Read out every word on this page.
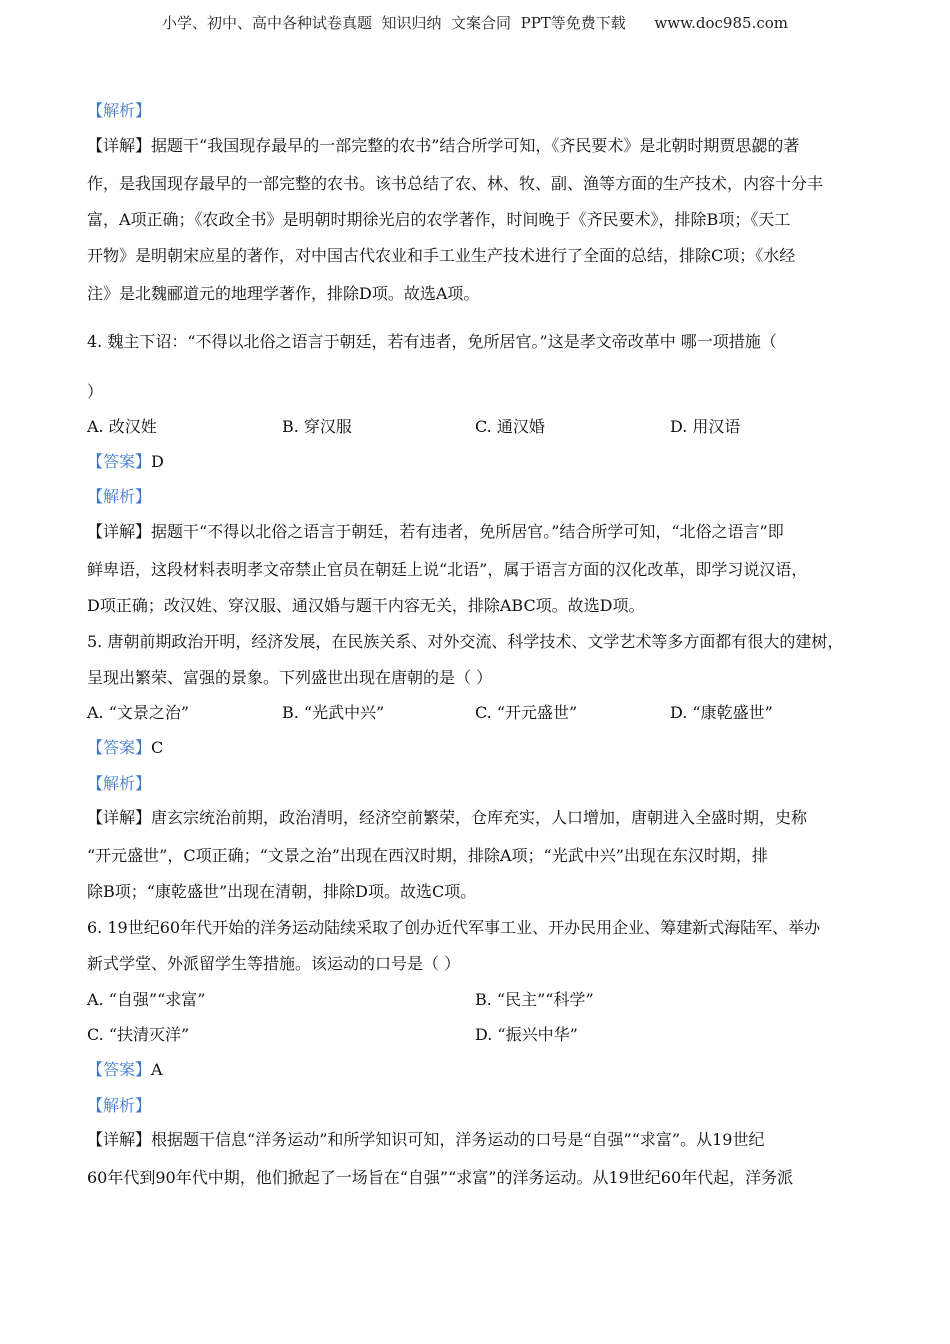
小学、初中、高中各种试卷真题  知识归纳  文案合同  PPT等免费下载      www.doc985.com
【解析】
【详解】据题干“我国现存最早的一部完整的农书”结合所学可知，《齐民要术》是北朝时期贾思勰的著
作，是我国现存最早的一部完整的农书。该书总结了农、林、牧、副、渔等方面的生产技术，内容十分丰
富，A项正确；《农政全书》是明朝时期徐光启的农学著作，时间晚于《齐民要术》，排除B项；《天工
开物》是明朝宋应星的著作，对中国古代农业和手工业生产技术进行了全面的总结，排除C项；《水经
注》是北魏郦道元的地理学著作，排除D项。故选A项。
4. 魏主下诏：“不得以北俗之语言于朝廷，若有违者，免所居官。”这是孝文帝改革中 哪一项措施（
）
A. 改汉姓	B. 穿汉服	C. 通汉婚	D. 用汉语
【答案】D
【解析】
【详解】据题干“不得以北俗之语言于朝廷，若有违者，免所居官。”结合所学可知，“北俗之语言”即
鲜卑语，这段材料表明孝文帝禁止官员在朝廷上说“北语”，属于语言方面的汉化改革，即学习说汉语，
D项正确；改汉姓、穿汉服、通汉婚与题干内容无关，排除ABC项。故选D项。
5. 唐朝前期政治开明，经济发展，在民族关系、对外交流、科学技术、文学艺术等多方面都有很大的建树，
呈现出繁荣、富强的景象。下列盛世出现在唐朝的是（ ）
A. “文景之治”	B. “光武中兴”	C. “开元盛世”	D. “康乾盛世”
【答案】C
【解析】
【详解】唐玄宗统治前期，政治清明，经济空前繁荣，仓库充实，人口增加，唐朝进入全盛时期，史称
“开元盛世”，C项正确；“文景之治”出现在西汉时期，排除A项；“光武中兴”出现在东汉时期，排
除B项；“康乾盛世”出现在清朝，排除D项。故选C项。
6. 19世纪60年代开始的洋务运动陆续采取了创办近代军事工业、开办民用企业、筹建新式海陆军、举办
新式学堂、外派留学生等措施。该运动的口号是（ ）
A. “自强”“求富”	B. “民主”“科学”
C. “扶清灭洋”	D. “振兴中华”
【答案】A
【解析】
【详解】根据题干信息“洋务运动”和所学知识可知，洋务运动的口号是“自强”“求富”。从19世纪
60年代到90年代中期，他们掀起了一场旨在“自强”“求富”的洋务运动。从19世纪60年代起，洋务派
